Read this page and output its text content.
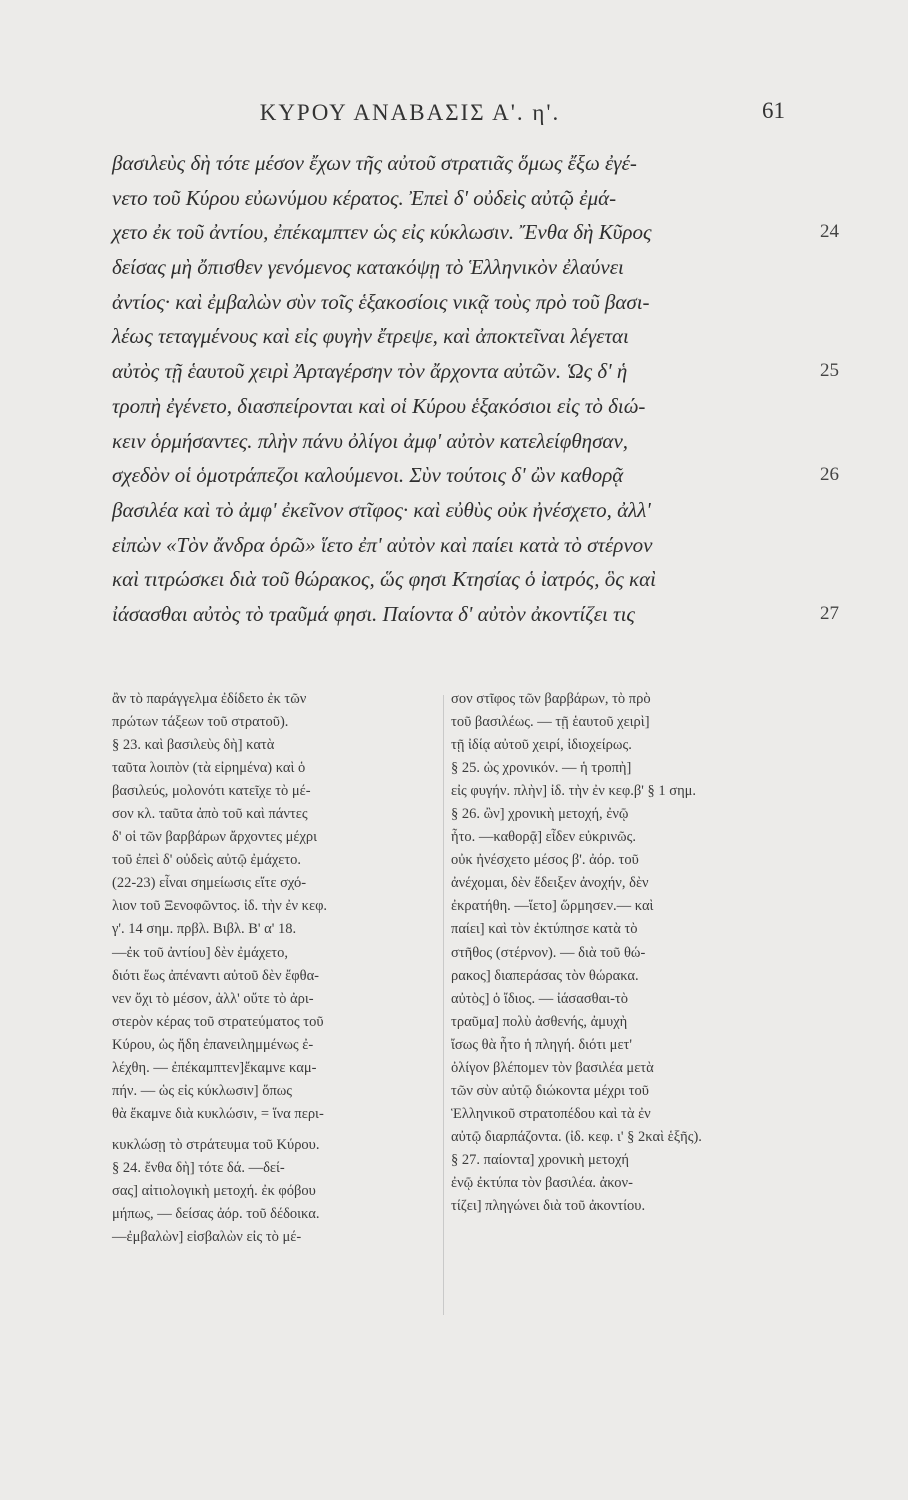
ΚΥΡΟΥ ΑΝΑΒΑΣΙΣ Α'. η'.	61
βασιλεὺς δὴ τότε μέσον ἔχων τῆς αὐτοῦ στρατιᾶς ὅμως ἔξω ἐγέ-
νετο τοῦ Κύρου εὐωνύμου κέρατος. Ἐπεὶ δ' οὐδεὶς αὐτῷ ἐμά-
χετο ἐκ τοῦ ἀντίου, ἐπέκαμπτεν ὡς εἰς κύκλωσιν. Ἔνθα δὴ Κῦρος	24
δείσας μὴ ὄπισθεν γενόμενος κατακόψῃ τὸ Ἑλληνικὸν ἐλαύνει
ἀντίος· καὶ ἐμβαλὼν σὺν τοῖς ἑξακοσίοις νικᾷ τοὺς πρὸ τοῦ βασι-
λέως τεταγμένους καὶ εἰς φυγὴν ἔτρεψε, καὶ ἀποκτεῖναι λέγεται
αὐτὸς τῇ ἑαυτοῦ χειρὶ Ἀρταγέρσην τὸν ἄρχοντα αὐτῶν. Ὡς δ' ἡ	25
τροπὴ ἐγένετο, διασπείρονται καὶ οἱ Κύρου ἑξακόσιοι εἰς τὸ διώ-
κειν ὁρμήσαντες. πλὴν πάνυ ὀλίγοι ἀμφ' αὐτὸν κατελείφθησαν,
σχεδὸν οἱ ὁμοτράπεζοι καλούμενοι. Σὺν τούτοις δ' ὢν καθορᾷ	26
βασιλέα καὶ τὸ ἀμφ' ἐκεῖνον στῖφος· καὶ εὐθὺς οὐκ ἠνέσχετο, ἀλλ'
εἰπὼν «Τὸν ἄνδρα ὁρῶ» ἵετο ἐπ' αὐτὸν καὶ παίει κατὰ τὸ στέρνον
καὶ τιτρώσκει διὰ τοῦ θώρακος, ὥς φησι Κτησίας ὁ ἰατρός, ὃς καὶ
ἰάσασθαι αὐτὸς τὸ τραῦμά φησι. Παίοντα δ' αὐτὸν ἀκοντίζει τις	27
ἂν τὸ παράγγελμα ἐδίδετο ἐκ τῶνπρώτων τάξεων τοῦ στρατοῦ).§ 23. καὶ βασιλεὺς δὴ] κατὰταῦτα λοιπὸν (τὰ εἰρημένα) καὶ ὁβασιλεύς, μολονότι κατεῖχε τὸ μέ-σον κλ. ταῦτα ἀπὸ τοῦ καὶ πάντεςδ' οἱ τῶν βαρβάρων ἄρχοντες μέχριτοῦ ἐπεὶ δ' οὐδεὶς αὐτῷ ἐμάχετο.(22-23) εἶναι σημείωσις εἴτε σχό-λιον τοῦ Ξενοφῶντος. ἰδ. τὴν ἐν κεφ.γ'. 14 σημ. πρβλ. Βιβλ. Β' α' 18.—ἐκ τοῦ ἀντίου] δὲν ἐμάχετο,διότι ἕως ἀπέναντι αὐτοῦ δὲν ἔφθα-νεν ὄχι τὸ μέσον, ἀλλ' οὔτε τὸ ἀρι-στερὸν κέρας τοῦ στρατεύματος τοῦΚύρου, ὡς ἤδη ἐπανειλημμένως ἐ-λέχθη. — ἐπέκαμπτεν]ἔκαμνε καμ-πήν. — ὡς εἰς κύκλωσιν] ὅπωςθὰ ἔκαμνε διὰ κυκλώσιν, = ἵνα περι-κυκλώσῃ τὸ στράτευμα τοῦ Κύρου.§ 24. ἔνθα δὴ] τότε δά. —δεί-σας] αἰτιολογικὴ μετοχή. ἐκ φόβουμήπως, — δείσας ἀόρ. τοῦ δέδοικα.—ἐμβαλὼν] εἰσβαλὼν εἰς τὸ μέ-
σον στῖφος τῶν βαρβάρων, τὸ πρὸτοῦ βασιλέως. — τῇ ἑαυτοῦ χειρὶ]τῇ ἰδίᾳ αὐτοῦ χειρί, ἰδιοχείρως.§ 25. ὡς χρονικόν. — ἡ τροπὴ]εἰς φυγήν. πλὴν] ἰδ. τὴν ἐν κεφ.β' § 1 σημ.§ 26. ὢν] χρονικὴ μετοχή, ἐνῷἦτο. —καθορᾷ] εἶδεν εὐκρινῶς.οὐκ ἠνέσχετο μέσος β'. ἀόρ. τοῦἀνέχομαι, δὲν ἔδειξεν ἀνοχήν, δὲνἐκρατήθη. —ἵετο] ὥρμησεν.— καὶπαίει] καὶ τὸν ἐκτύπησε κατὰ τὸστῆθος (στέρνον). — διὰ τοῦ θώ-ρακος] διαπεράσας τὸν θώρακα.αὐτὸς] ὁ ἴδιος. — ἰάσασθαι-τὸτραῦμα] πολὺ ἀσθενής, ἀμυχὴἴσως θὰ ἦτο ἡ πληγή. διότι μετ'ὀλίγον βλέπομεν τὸν βασιλέα μετὰτῶν σὺν αὐτῷ διώκοντα μέχρι τοῦἙλληνικοῦ στρατοπέδου καὶ τὰ ἐναὐτῷ διαρπάζοντα. (ἰδ. κεφ. ι' § 2καὶ ἑξῆς).§ 27. παίοντα] χρονικὴ μετοχήἐνῷ ἐκτύπα τὸν βασιλέα. ἀκον-τίζει] πληγώνει διὰ τοῦ ἀκοντίου.
